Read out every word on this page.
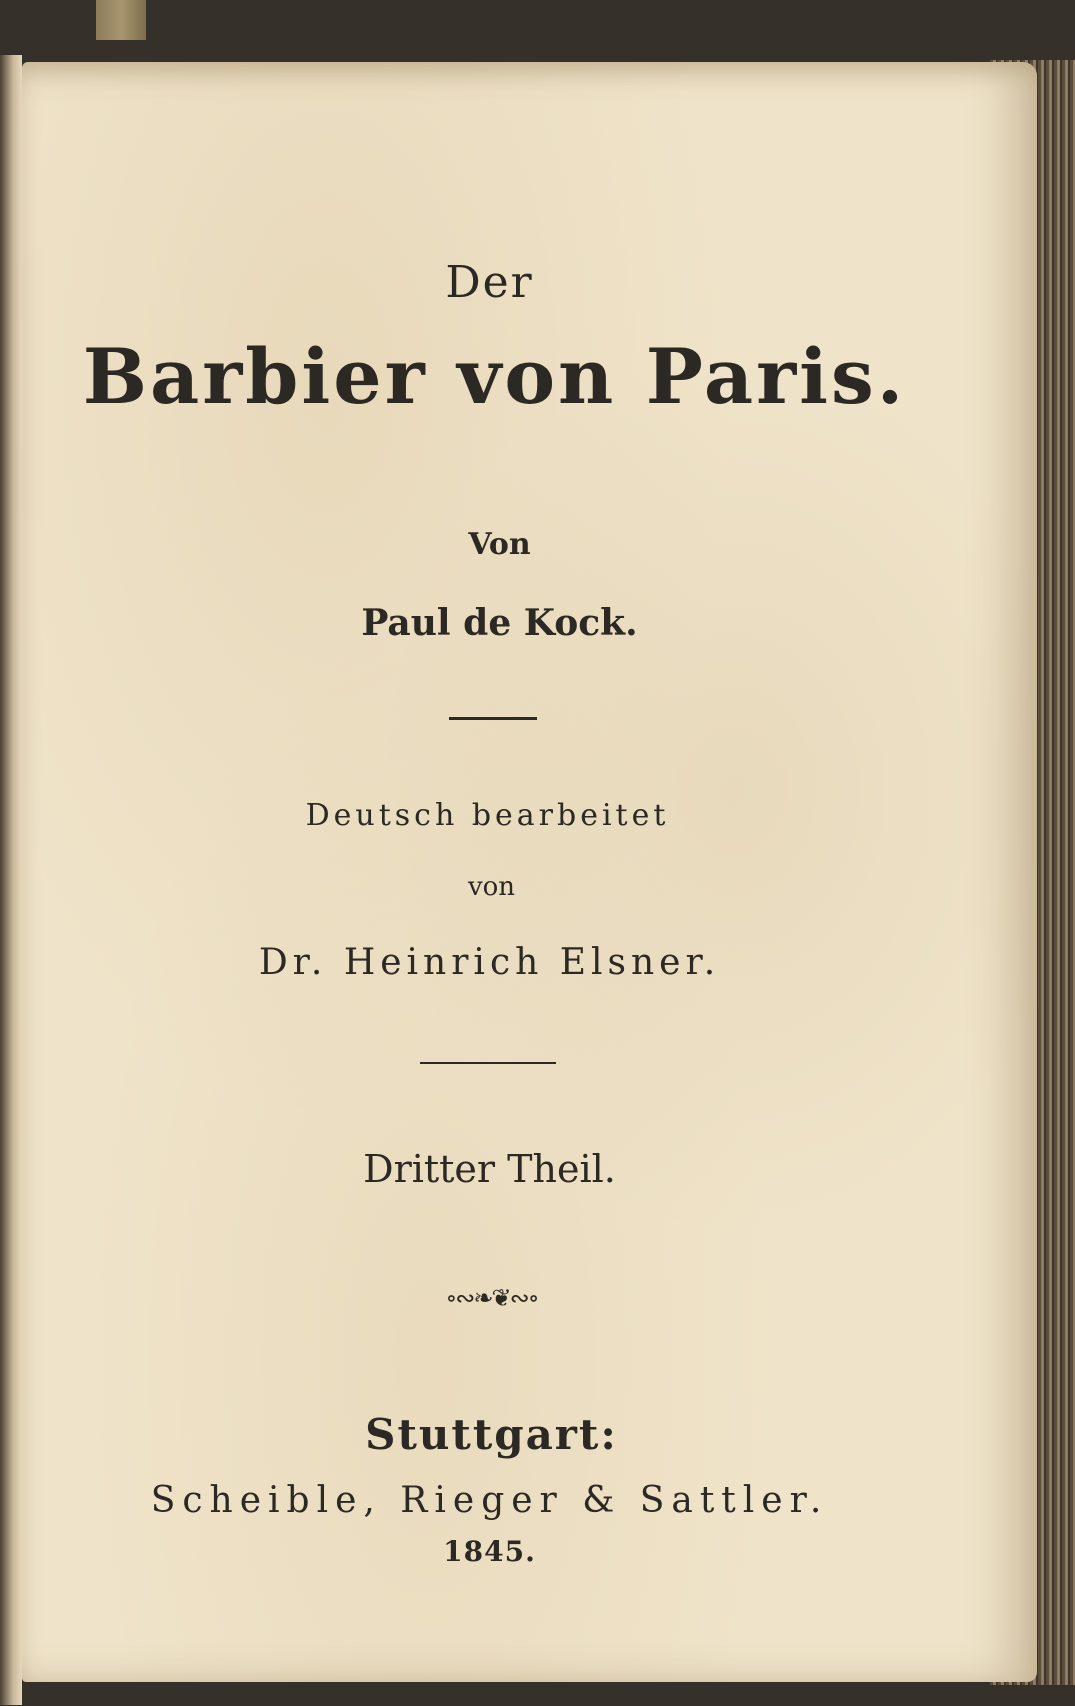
Der
Barbier von Paris.
Von
Paul de Kock.
Deutsch bearbeitet
von
Dr. Heinrich Elsner.
Dritter Theil.
∘∾❧❦∾∘
Stuttgart:
Scheible, Rieger & Sattler.
1845.
